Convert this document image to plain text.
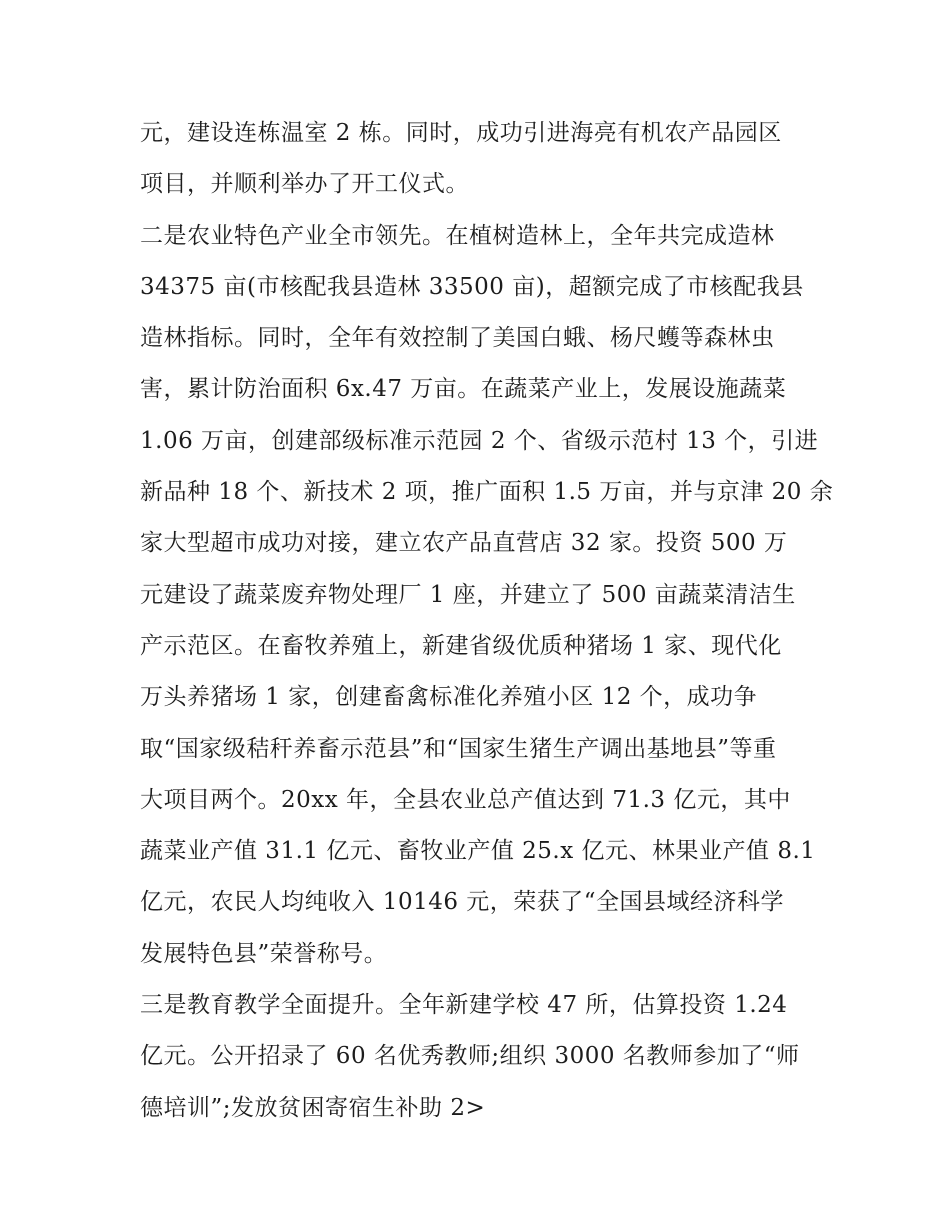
元，建设连栋温室 2 栋。同时，成功引进海亮有机农产品园区
项目，并顺利举办了开工仪式。
二是农业特色产业全市领先。在植树造林上，全年共完成造林
34375 亩(市核配我县造林 33500 亩)，超额完成了市核配我县
造林指标。同时，全年有效控制了美国白蛾、杨尺蠖等森林虫
害，累计防治面积 6x.47 万亩。在蔬菜产业上，发展设施蔬菜
1.06 万亩，创建部级标准示范园 2 个、省级示范村 13 个，引进
新品种 18 个、新技术 2 项，推广面积 1.5 万亩，并与京津 20 余
家大型超市成功对接，建立农产品直营店 32 家。投资 500 万
元建设了蔬菜废弃物处理厂 1 座，并建立了 500 亩蔬菜清洁生
产示范区。在畜牧养殖上，新建省级优质种猪场 1 家、现代化
万头养猪场 1 家，创建畜禽标准化养殖小区 12 个，成功争
取“国家级秸秆养畜示范县”和“国家生猪生产调出基地县”等重
大项目两个。20xx 年，全县农业总产值达到 71.3 亿元，其中
蔬菜业产值 31.1 亿元、畜牧业产值 25.x 亿元、林果业产值 8.1
亿元，农民人均纯收入 10146 元，荣获了“全国县域经济科学
发展特色县”荣誉称号。
三是教育教学全面提升。全年新建学校 47 所，估算投资 1.24
亿元。公开招录了 60 名优秀教师;组织 3000 名教师参加了“师
德培训”;发放贫困寄宿生补助 2>
